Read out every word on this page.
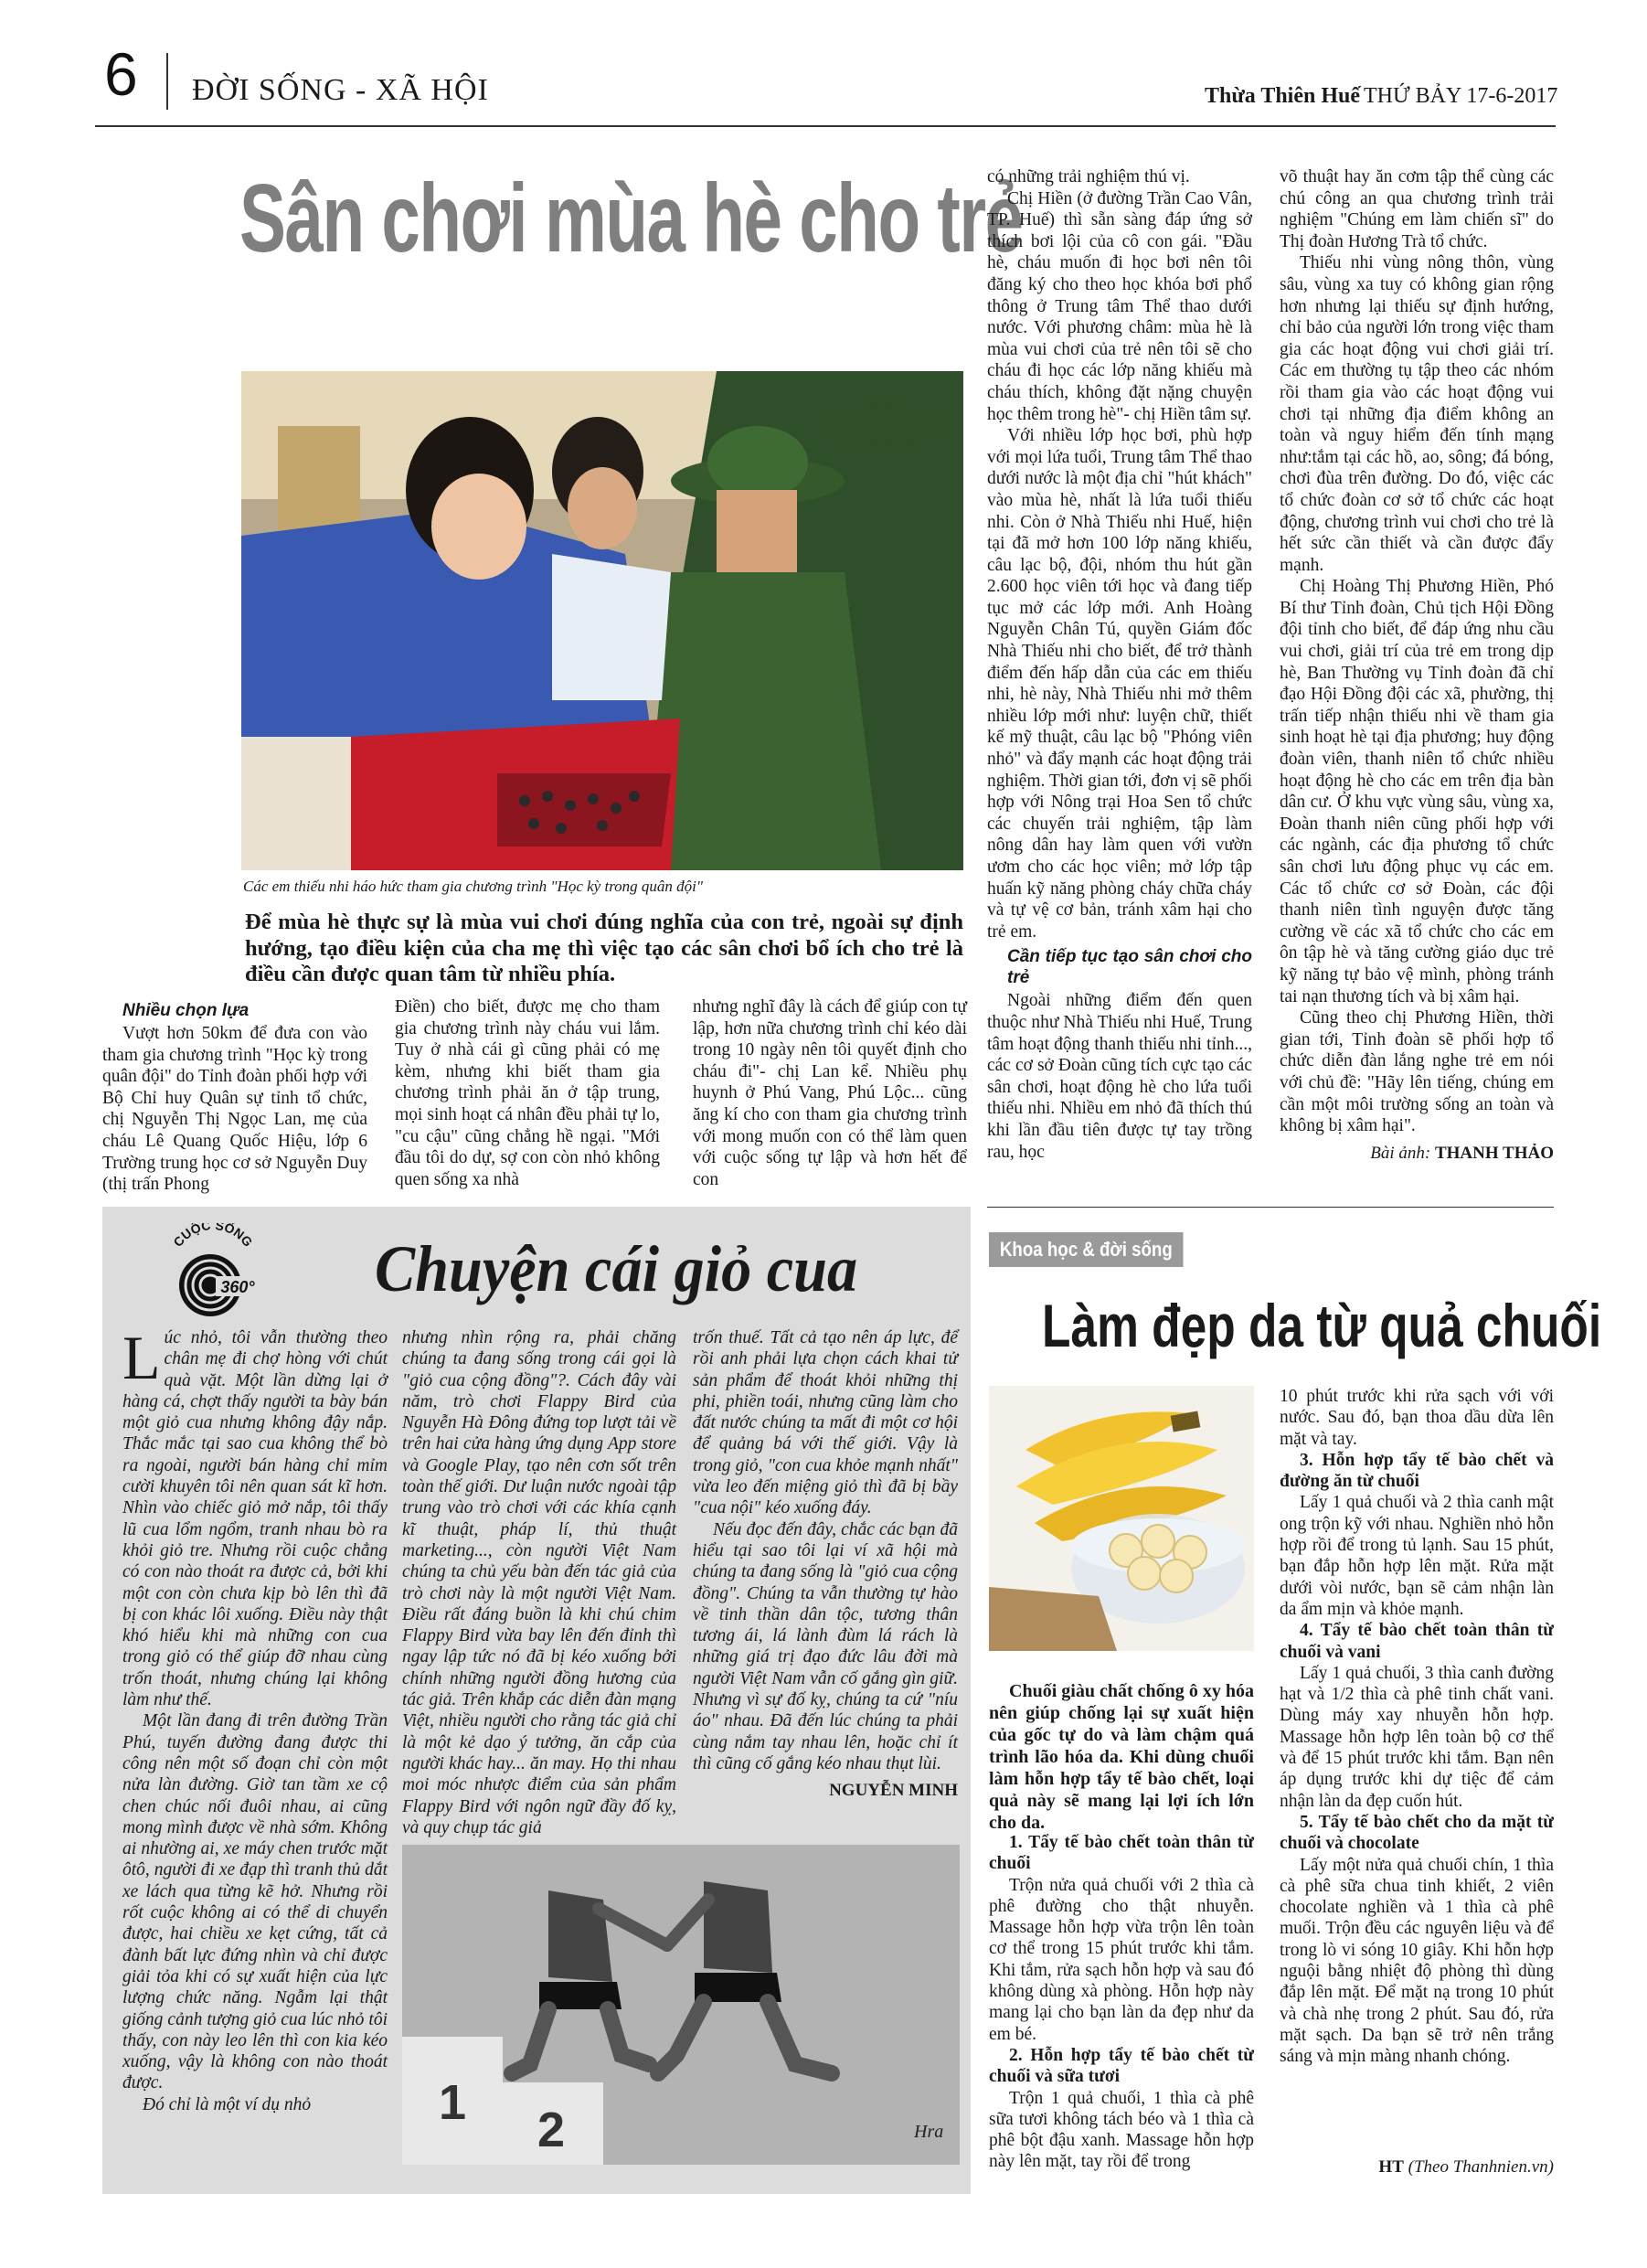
6 ĐỜI SỐNG - XÃ HỘI	Thừa Thiên Huế THỨ BẢY 17-6-2017
Sân chơi mùa hè cho trẻ
Các em thiếu nhi háo hức tham gia chương trình "Học kỳ trong quân đội"
Để mùa hè thực sự là mùa vui chơi đúng nghĩa của con trẻ, ngoài sự định hướng, tạo điều kiện của cha mẹ thì việc tạo các sân chơi bổ ích cho trẻ là điều cần được quan tâm từ nhiều phía.
Nhiều chọn lựa

Vượt hơn 50km để đưa con vào tham gia chương trình "Học kỳ trong quân đội" do Tỉnh đoàn phối hợp với Bộ Chỉ huy Quân sự tỉnh tổ chức, chị Nguyễn Thị Ngọc Lan, mẹ của cháu Lê Quang Quốc Hiệu, lớp 6 Trường trung học cơ sở Nguyễn Duy (thị trấn Phong

Điền) cho biết, được mẹ cho tham gia chương trình này cháu vui lắm. Tuy ở nhà cái gì cũng phải có mẹ kèm, nhưng khi biết tham gia chương trình phải ăn ở tập trung, mọi sinh hoạt cá nhân đều phải tự lo, "cu cậu" cũng chẳng hề ngại. "Mới đầu tôi do dự, sợ con còn nhỏ không quen sống xa nhà

nhưng nghĩ đây là cách để giúp con tự lập, hơn nữa chương trình chỉ kéo dài trong 10 ngày nên tôi quyết định cho cháu đi"- chị Lan kể. Nhiều phụ huynh ở Phú Vang, Phú Lộc... cũng ăng kí cho con tham gia chương trình với mong muốn con có thể làm quen với cuộc sống tự lập và hơn hết để con

có những trải nghiệm thú vị.

Chị Hiền (ở đường Trần Cao Vân, TP. Huế) thì sẵn sàng đáp ứng sở thích bơi lội của cô con gái. "Đầu hè, cháu muốn đi học bơi nên tôi đăng ký cho theo học khóa bơi phổ thông ở Trung tâm Thể thao dưới nước. Với phương châm: mùa hè là mùa vui chơi của trẻ nên tôi sẽ cho cháu đi học các lớp năng khiếu mà cháu thích, không đặt nặng chuyện học thêm trong hè"- chị Hiền tâm sự.

Với nhiều lớp học bơi, phù hợp với mọi lứa tuổi, Trung tâm Thể thao dưới nước là một địa chỉ "hút khách" vào mùa hè, nhất là lứa tuổi thiếu nhi. Còn ở Nhà Thiếu nhi Huế, hiện tại đã mở hơn 100 lớp năng khiếu, câu lạc bộ, đội, nhóm thu hút gần 2.600 học viên tới học và đang tiếp tục mở các lớp mới. Anh Hoàng Nguyễn Chân Tú, quyền Giám đốc Nhà Thiếu nhi cho biết, để trở thành điểm đến hấp dẫn của các em thiếu nhi, hè này, Nhà Thiếu nhi mở thêm nhiều lớp mới như: luyện chữ, thiết kế mỹ thuật, câu lạc bộ "Phóng viên nhỏ" và đẩy mạnh các hoạt động trải nghiệm. Thời gian tới, đơn vị sẽ phối hợp với Nông trại Hoa Sen tổ chức các chuyến trải nghiệm, tập làm nông dân hay làm quen với vườn ươm cho các học viên; mở lớp tập huấn kỹ năng phòng cháy chữa cháy và tự vệ cơ bản, tránh xâm hại cho trẻ em.

Cần tiếp tục tạo sân chơi cho trẻ

Ngoài những điểm đến quen thuộc như Nhà Thiếu nhi Huế, Trung tâm hoạt động thanh thiếu nhi tỉnh..., các cơ sở Đoàn cũng tích cực tạo các sân chơi, hoạt động hè cho lứa tuổi thiếu nhi. Nhiều em nhỏ đã thích thú khi lần đầu tiên được tự tay trồng rau, học

võ thuật hay ăn cơm tập thể cùng các chú công an qua chương trình trải nghiệm "Chúng em làm chiến sĩ" do Thị đoàn Hương Trà tổ chức.

Thiếu nhi vùng nông thôn, vùng sâu, vùng xa tuy có không gian rộng hơn nhưng lại thiếu sự định hướng, chỉ bảo của người lớn trong việc tham gia các hoạt động vui chơi giải trí. Các em thường tụ tập theo các nhóm rồi tham gia vào các hoạt động vui chơi tại những địa điểm không an toàn và nguy hiểm đến tính mạng như:tắm tại các hồ, ao, sông; đá bóng, chơi đùa trên đường. Do đó, việc các tổ chức đoàn cơ sở tổ chức các hoạt động, chương trình vui chơi cho trẻ là hết sức cần thiết và cần được đẩy mạnh.

Chị Hoàng Thị Phương Hiền, Phó Bí thư Tỉnh đoàn, Chủ tịch Hội Đồng đội tỉnh cho biết, để đáp ứng nhu cầu vui chơi, giải trí của trẻ em trong dịp hè, Ban Thường vụ Tỉnh đoàn đã chỉ đạo Hội Đồng đội các xã, phường, thị trấn tiếp nhận thiếu nhi về tham gia sinh hoạt hè tại địa phương; huy động đoàn viên, thanh niên tổ chức nhiều hoạt động hè cho các em trên địa bàn dân cư. Ở khu vực vùng sâu, vùng xa, Đoàn thanh niên cũng phối hợp với các ngành, các địa phương tổ chức sân chơi lưu động phục vụ các em. Các tổ chức cơ sở Đoàn, các đội thanh niên tình nguyện được tăng cường về các xã tổ chức cho các em ôn tập hè và tăng cường giáo dục trẻ kỹ năng tự bảo vệ mình, phòng tránh tai nạn thương tích và bị xâm hại.

Cũng theo chị Phương Hiền, thời gian tới, Tỉnh đoàn sẽ phối hợp tổ chức diễn đàn lắng nghe trẻ em nói với chủ đề: "Hãy lên tiếng, chúng em cần một môi trường sống an toàn và không bị xâm hại".

Bài ảnh: THANH THẢO
CUỘC SỐNG
360° Chuyện cái giỏ cua

Lúc nhỏ, tôi vẫn thường theo chân mẹ đi chợ hòng với chút quà vặt. Một lần dừng lại ở hàng cá, chợt thấy người ta bày bán một giỏ cua nhưng không đậy nắp. Thắc mắc tại sao cua không thể bò ra ngoài, người bán hàng chỉ mỉm cười khuyên tôi nên quan sát kĩ hơn. Nhìn vào chiếc giỏ mở nắp, tôi thấy lũ cua lổm ngổm, tranh nhau bò ra khỏi giỏ tre. Nhưng rồi cuộc chẳng có con nào thoát ra được cả, bởi khi một con còn chưa kịp bò lên thì đã bị con khác lôi xuống. Điều này thật khó hiểu khi mà những con cua trong giỏ có thể giúp đỡ nhau cùng trốn thoát, nhưng chúng lại không làm như thế.

Một lần đang đi trên đường Trần Phú, tuyến đường đang được thi công nên một số đoạn chỉ còn một nửa làn đường. Giờ tan tầm xe cộ chen chúc nối đuôi nhau, ai cũng mong mình được về nhà sớm. Không ai nhường ai, xe máy chen trước mặt ôtô, người đi xe đạp thì tranh thủ dắt xe lách qua từng kẽ hở. Nhưng rồi rốt cuộc không ai có thể di chuyển được, hai chiều xe kẹt cứng, tất cả đành bất lực đứng nhìn và chỉ được giải tỏa khi có sự xuất hiện của lực lượng chức năng. Ngẫm lại thật giống cảnh tượng giỏ cua lúc nhỏ tôi thấy, con này leo lên thì con kia kéo xuống, vậy là không con nào thoát được.

Đó chỉ là một ví dụ nhỏ

nhưng nhìn rộng ra, phải chăng chúng ta đang sống trong cái gọi là "giỏ cua cộng đồng"?. Cách đây vài năm, trò chơi Flappy Bird của Nguyễn Hà Đông đứng top lượt tải về trên hai cửa hàng ứng dụng App store và Google Play, tạo nên cơn sốt trên toàn thế giới. Dư luận nước ngoài tập trung vào trò chơi với các khía cạnh kĩ thuật, pháp lí, thủ thuật marketing..., còn người Việt Nam chúng ta chủ yếu bàn đến tác giả của trò chơi này là một người Việt Nam. Điều rất đáng buồn là khi chú chim Flappy Bird vừa bay lên đến đỉnh thì ngay lập tức nó đã bị kéo xuống bởi chính những người đồng hương của tác giả. Trên khắp các diễn đàn mạng Việt, nhiều người cho rằng tác giả chỉ là một kẻ dạo ý tưởng, ăn cắp của người khác hay... ăn may. Họ thi nhau moi móc nhược điểm của sản phẩm Flappy Bird với ngôn ngữ đầy đố kỵ, và quy chụp tác giả

trốn thuế. Tất cả tạo nên áp lực, để rồi anh phải lựa chọn cách khai tử sản phẩm để thoát khỏi những thị phi, phiền toái, nhưng cũng làm cho đất nước chúng ta mất đi một cơ hội để quảng bá với thế giới. Vậy là trong giỏ, "con cua khỏe mạnh nhất" vừa leo đến miệng giỏ thì đã bị bầy "cua nội" kéo xuống đáy.

Nếu đọc đến đây, chắc các bạn đã hiểu tại sao tôi lại ví xã hội mà chúng ta đang sống là "giỏ cua cộng đồng". Chúng ta vẫn thường tự hào về tinh thần dân tộc, tương thân tương ái, lá lành đùm lá rách là những giá trị đạo đức lâu đời mà người Việt Nam vẫn cố gắng gìn giữ. Nhưng vì sự đố kỵ, chúng ta cứ "níu áo" nhau. Đã đến lúc chúng ta phải cùng nắm tay nhau lên, hoặc chỉ ít thì cũng cố gắng kéo nhau thụt lùi.

NGUYỄN MINH
1 2	Hra
Khoa học & đời sống
Làm đẹp da từ quả chuối

Chuối giàu chất chống ô xy hóa nên giúp chống lại sự xuất hiện của gốc tự do và làm chậm quá trình lão hóa da. Khi dùng chuối làm hỗn hợp tẩy tế bào chết, loại quả này sẽ mang lại lợi ích lớn cho da.

1. Tẩy tế bào chết toàn thân từ chuối

Trộn nửa quả chuối với 2 thìa cà phê đường cho thật nhuyễn. Massage hỗn hợp vừa trộn lên toàn cơ thể trong 15 phút trước khi tắm. Khi tắm, rửa sạch hỗn hợp và sau đó không dùng xà phòng. Hỗn hợp này mang lại cho bạn làn da đẹp như da em bé.

2. Hỗn hợp tẩy tế bào chết từ chuối và sữa tươi

Trộn 1 quả chuối, 1 thìa cà phê sữa tươi không tách béo và 1 thìa cà phê bột đậu xanh. Massage hỗn hợp này lên mặt, tay rồi để trong

10 phút trước khi rửa sạch với với nước. Sau đó, bạn thoa dầu dừa lên mặt và tay.

3. Hỗn hợp tẩy tế bào chết và đường ăn từ chuối

Lấy 1 quả chuối và 2 thìa canh mật ong trộn kỹ với nhau. Nghiền nhỏ hỗn hợp rồi để trong tủ lạnh. Sau 15 phút, bạn đắp hỗn hợp lên mặt. Rửa mặt dưới vòi nước, bạn sẽ cảm nhận làn da ẩm mịn và khỏe mạnh.

4. Tẩy tế bào chết toàn thân từ chuối và vani

Lấy 1 quả chuối, 3 thìa canh đường hạt và 1/2 thìa cà phê tinh chất vani. Dùng máy xay nhuyễn hỗn hợp. Massage hỗn hợp lên toàn bộ cơ thể và để 15 phút trước khi tắm. Bạn nên áp dụng trước khi dự tiệc để cảm nhận làn da đẹp cuốn hút.

5. Tẩy tế bào chết cho da mặt từ chuối và chocolate

Lấy một nửa quả chuối chín, 1 thìa cà phê sữa chua tinh khiết, 2 viên chocolate nghiền và 1 thìa cà phê muối. Trộn đều các nguyên liệu và để trong lò vi sóng 10 giây. Khi hỗn hợp nguội bằng nhiệt độ phòng thì dùng đắp lên mặt. Để mặt nạ trong 10 phút và chà nhẹ trong 2 phút. Sau đó, rửa mặt sạch. Da bạn sẽ trở nên trắng sáng và mịn màng nhanh chóng.

HT (Theo Thanhnien.vn)
